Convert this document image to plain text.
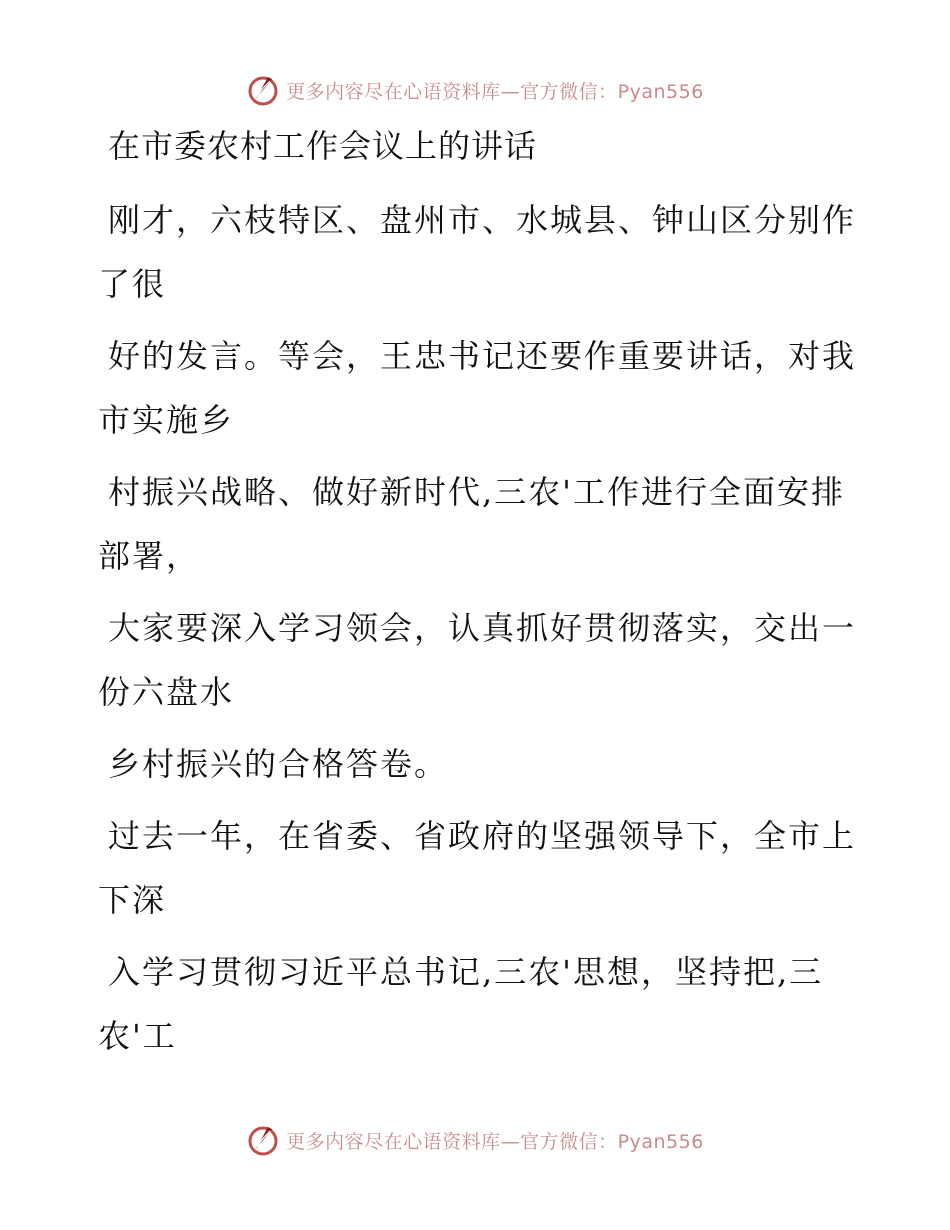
更多内容尽在心语资料库—官方微信：Pyan556
在市委农村工作会议上的讲话

刚才，六枝特区、盘州市、水城县、钟山区分别作了很

好的发言。等会，王忠书记还要作重要讲话，对我市实施乡

村振兴战略、做好新时代,三农'工作进行全面安排部署，

大家要深入学习领会，认真抓好贯彻落实，交出一份六盘水

乡村振兴的合格答卷。

过去一年，在省委、省政府的坚强领导下，全市上下深

入学习贯彻习近平总书记,三农'思想，坚持把,三农'工

更多内容尽在心语资料库—官方微信：Pyan556
